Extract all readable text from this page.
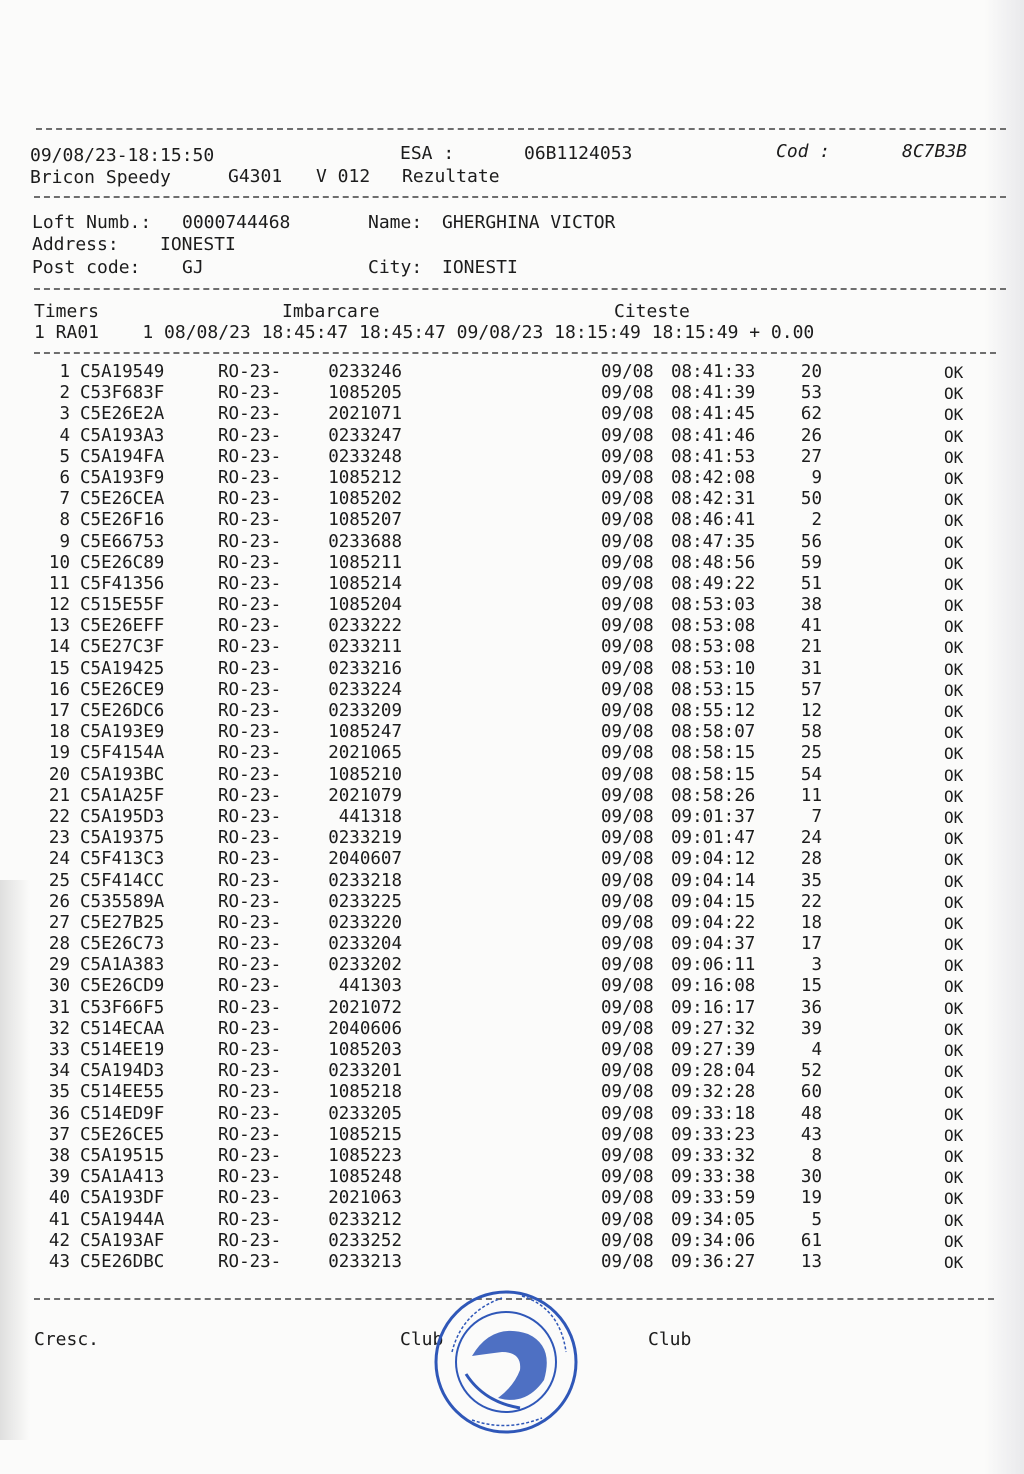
09/08/23-18:15:50	ESA :	06B1124053	Cod :	8C7B3B
Bricon Speedy	G4301 V 012 Rezultate
Loft Numb.: 0000744468	Name: GHERGHINA VICTOR
Address: IONESTI
Post code: GJ	City: IONESTI
Timers	Imbarcare	Citeste
1 RA01    1 08/08/23 18:45:47 18:45:47 09/08/23 18:15:49 18:15:49 + 0.00
1 C5A19549	RO-23-	0233246	09/08 08:41:33	20	OK
2 C53F683F	RO-23-	1085205	09/08 08:41:39	53	OK
3 C5E26E2A	RO-23-	2021071	09/08 08:41:45	62	OK
4 C5A193A3	RO-23-	0233247	09/08 08:41:46	26	OK
5 C5A194FA	RO-23-	0233248	09/08 08:41:53	27	OK
6 C5A193F9	RO-23-	1085212	09/08 08:42:08	9	OK
7 C5E26CEA	RO-23-	1085202	09/08 08:42:31	50	OK
8 C5E26F16	RO-23-	1085207	09/08 08:46:41	2	OK
9 C5E66753	RO-23-	0233688	09/08 08:47:35	56	OK
10 C5E26C89	RO-23-	1085211	09/08 08:48:56	59	OK
11 C5F41356	RO-23-	1085214	09/08 08:49:22	51	OK
12 C515E55F	RO-23-	1085204	09/08 08:53:03	38	OK
13 C5E26EFF	RO-23-	0233222	09/08 08:53:08	41	OK
14 C5E27C3F	RO-23-	0233211	09/08 08:53:08	21	OK
15 C5A19425	RO-23-	0233216	09/08 08:53:10	31	OK
16 C5E26CE9	RO-23-	0233224	09/08 08:53:15	57	OK
17 C5E26DC6	RO-23-	0233209	09/08 08:55:12	12	OK
18 C5A193E9	RO-23-	1085247	09/08 08:58:07	58	OK
19 C5F4154A	RO-23-	2021065	09/08 08:58:15	25	OK
20 C5A193BC	RO-23-	1085210	09/08 08:58:15	54	OK
21 C5A1A25F	RO-23-	2021079	09/08 08:58:26	11	OK
22 C5A195D3	RO-23-	441318	09/08 09:01:37	7	OK
23 C5A19375	RO-23-	0233219	09/08 09:01:47	24	OK
24 C5F413C3	RO-23-	2040607	09/08 09:04:12	28	OK
25 C5F414CC	RO-23-	0233218	09/08 09:04:14	35	OK
26 C535589A	RO-23-	0233225	09/08 09:04:15	22	OK
27 C5E27B25	RO-23-	0233220	09/08 09:04:22	18	OK
28 C5E26C73	RO-23-	0233204	09/08 09:04:37	17	OK
29 C5A1A383	RO-23-	0233202	09/08 09:06:11	3	OK
30 C5E26CD9	RO-23-	441303	09/08 09:16:08	15	OK
31 C53F66F5	RO-23-	2021072	09/08 09:16:17	36	OK
32 C514ECAA	RO-23-	2040606	09/08 09:27:32	39	OK
33 C514EE19	RO-23-	1085203	09/08 09:27:39	4	OK
34 C5A194D3	RO-23-	0233201	09/08 09:28:04	52	OK
35 C514EE55	RO-23-	1085218	09/08 09:32:28	60	OK
36 C514ED9F	RO-23-	0233205	09/08 09:33:18	48	OK
37 C5E26CE5	RO-23-	1085215	09/08 09:33:23	43	OK
38 C5A19515	RO-23-	1085223	09/08 09:33:32	8	OK
39 C5A1A413	RO-23-	1085248	09/08 09:33:38	30	OK
40 C5A193DF	RO-23-	2021063	09/08 09:33:59	19	OK
41 C5A1944A	RO-23-	0233212	09/08 09:34:05	5	OK
42 C5A193AF	RO-23-	0233252	09/08 09:34:06	61	OK
43 C5E26DBC	RO-23-	0233213	09/08 09:36:27	13	OK
Cresc.	Club	Club
